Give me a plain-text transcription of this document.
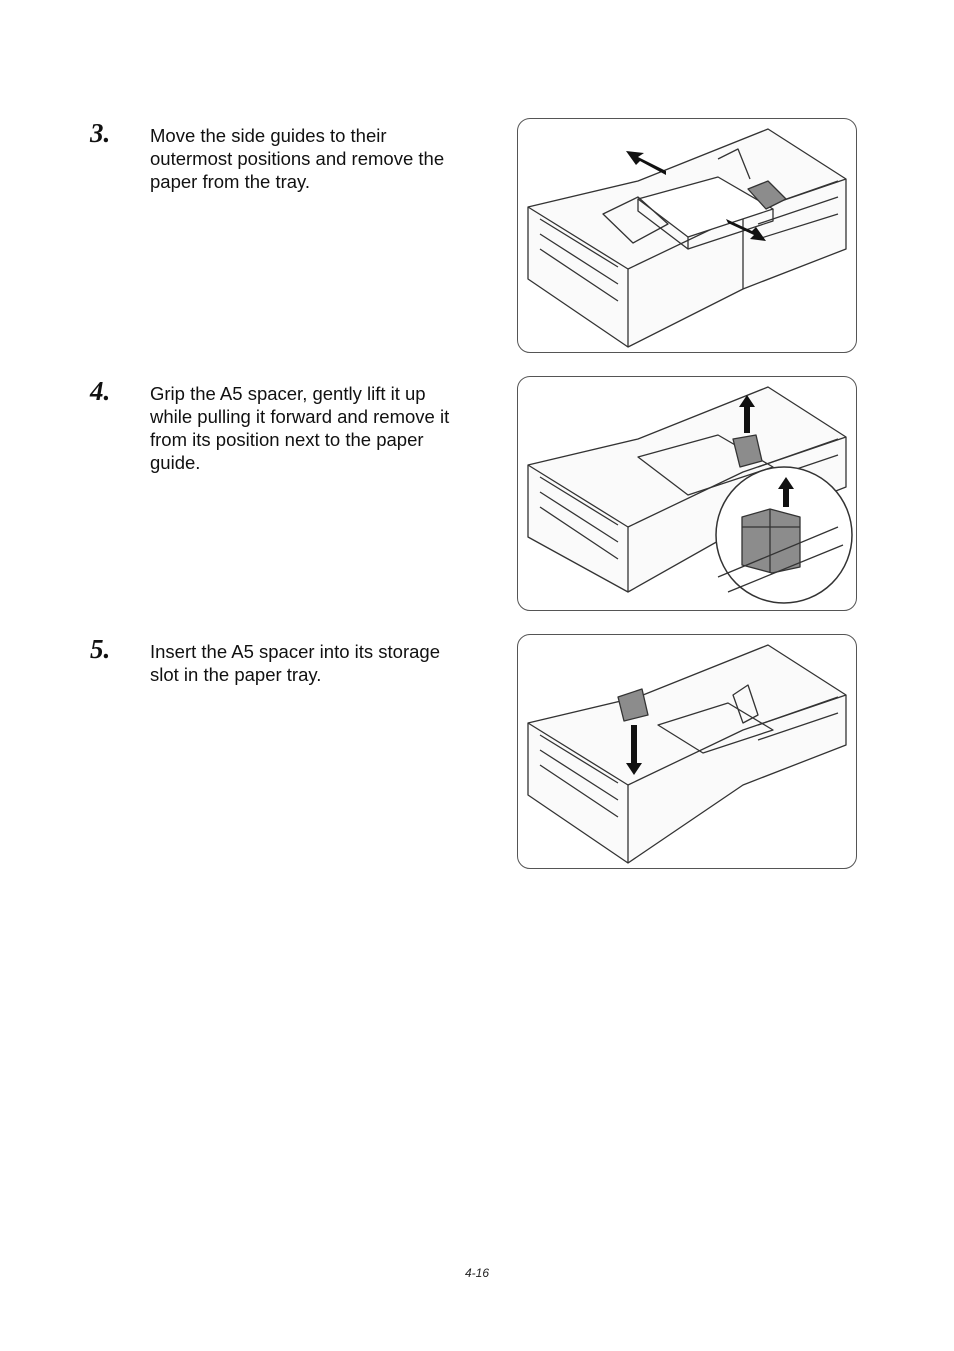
3. Move the side guides to their outermost positions and remove the paper from the tray.
4. Grip the A5 spacer, gently lift it up while pulling it forward and remove it from its position next to the paper guide.
5. Insert the A5 spacer into its storage slot in the paper tray.
4-16
